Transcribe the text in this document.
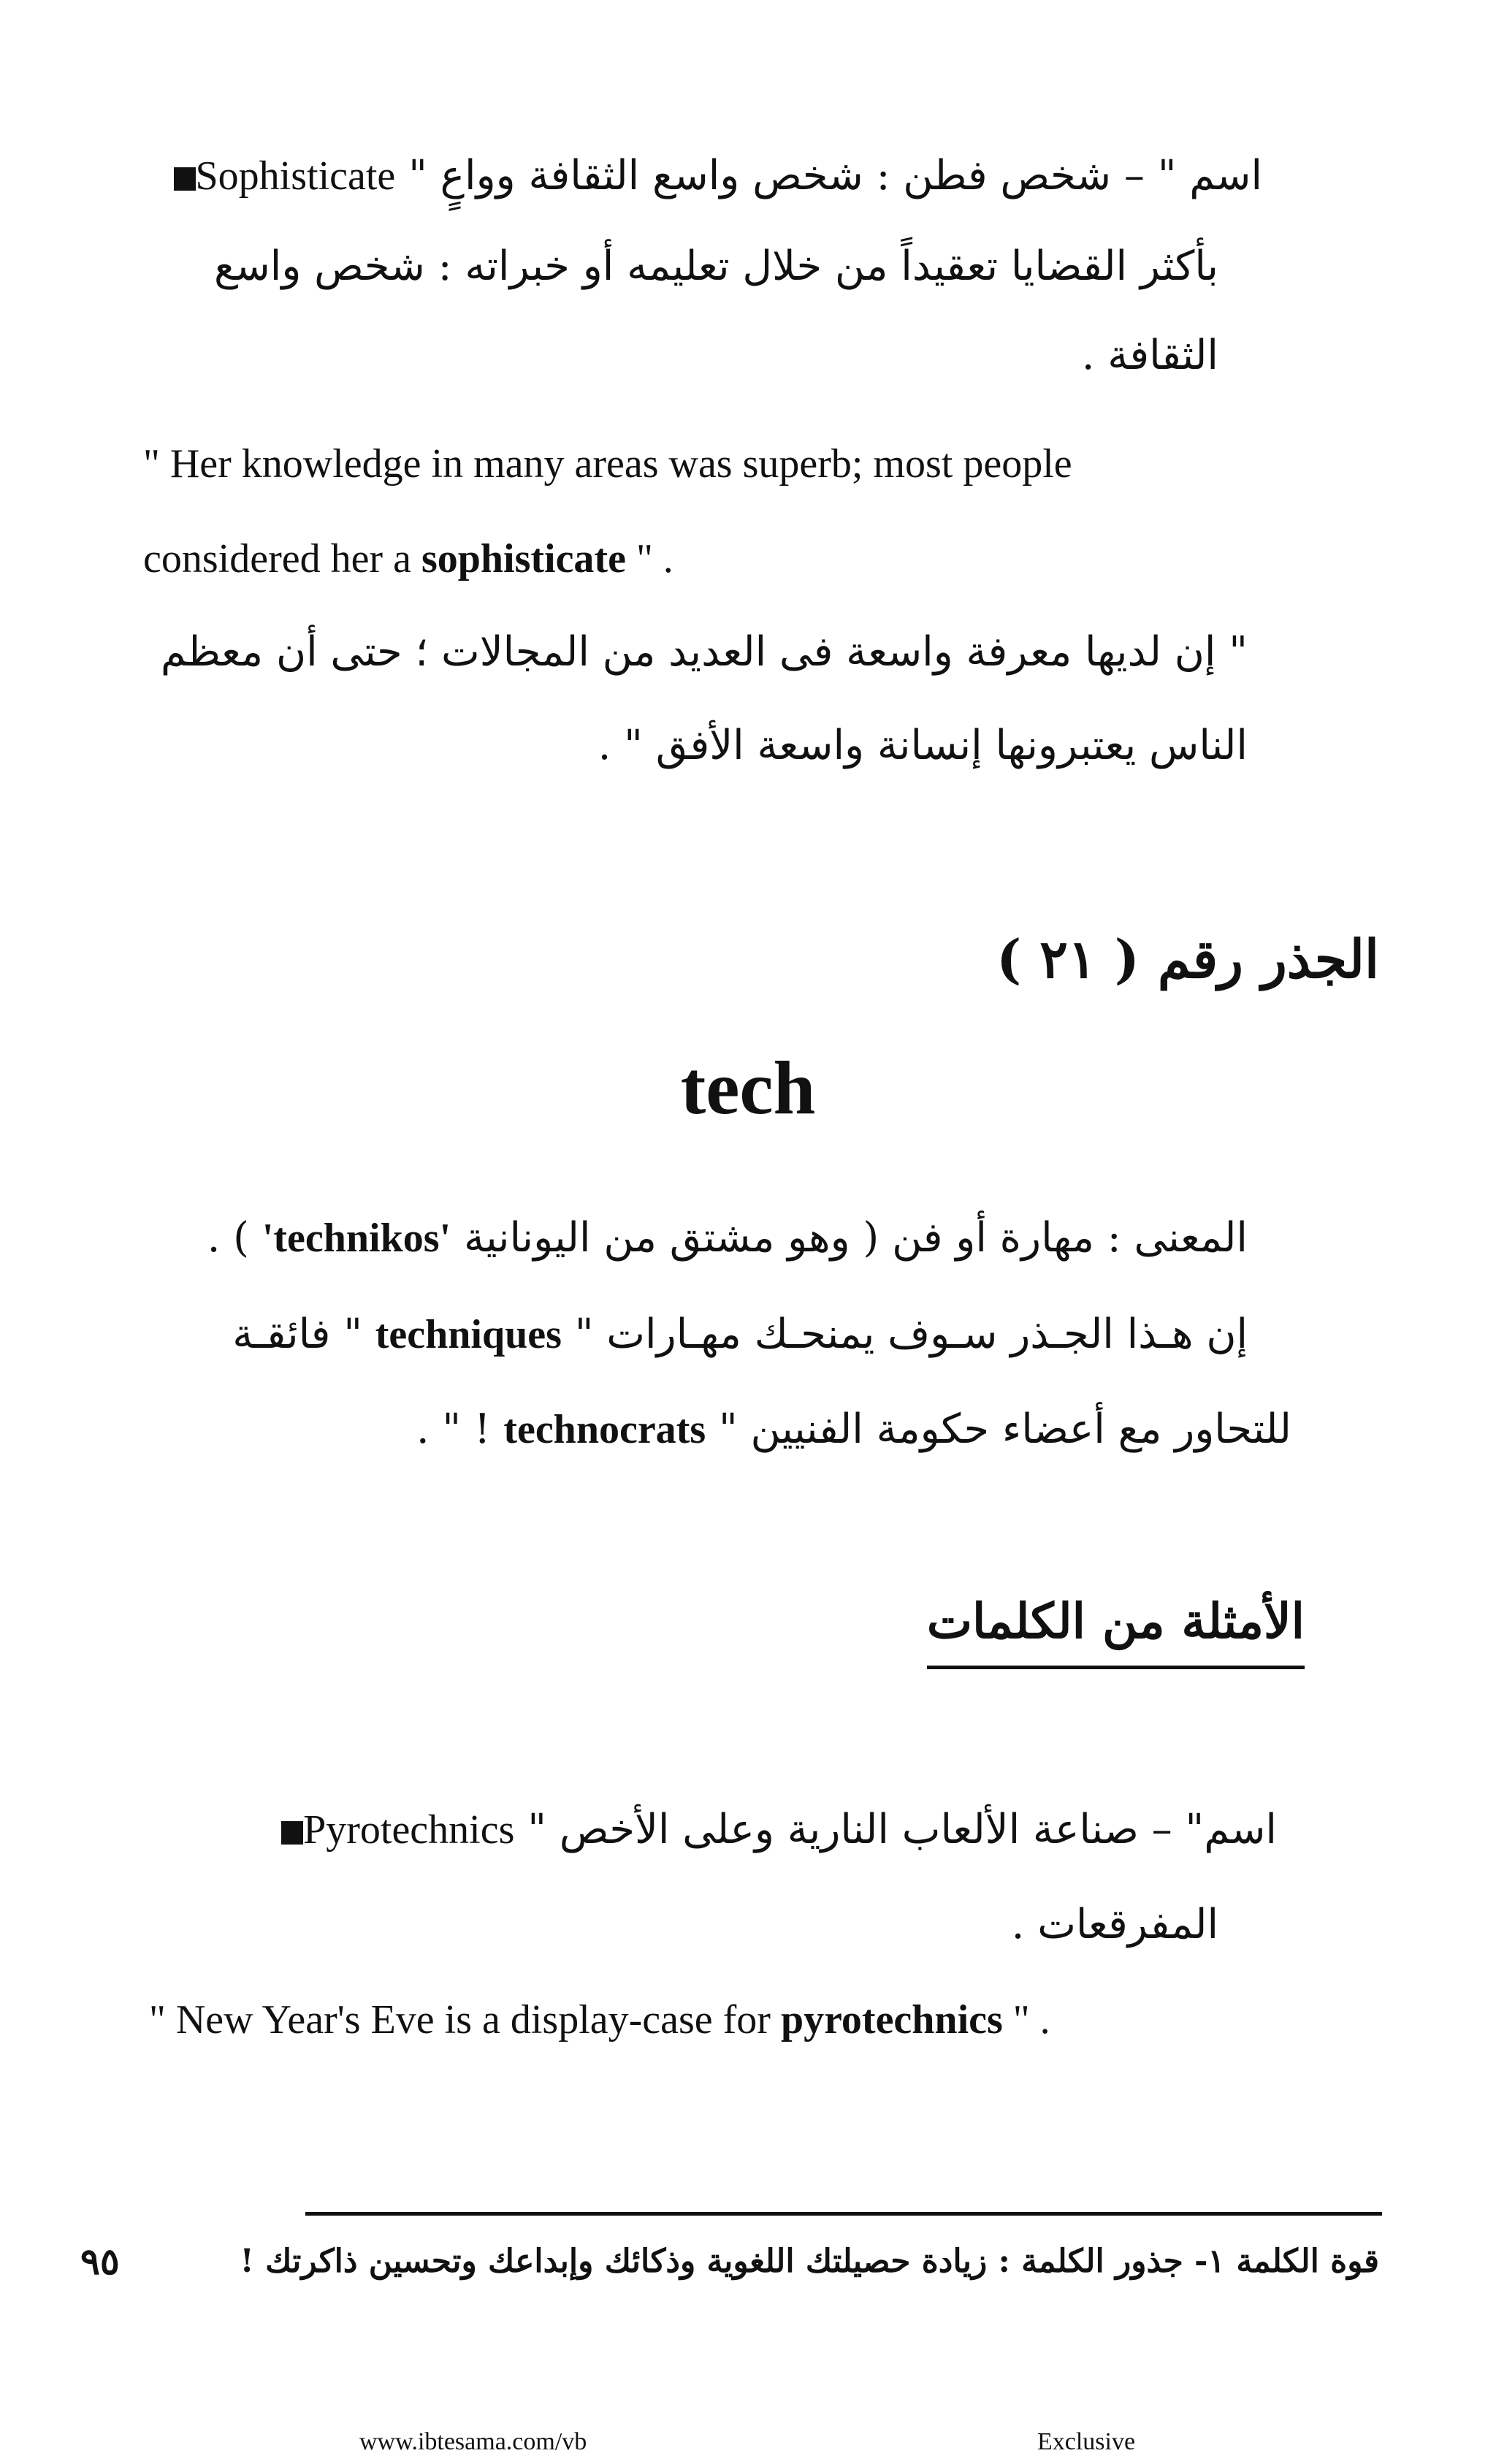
Sophisticate " اسم " – شخص فطن : شخص واسع الثقافة وواعٍ
بأكثر القضايا تعقيداً من خلال تعليمه أو خبراته : شخص واسع
الثقافة .
" Her knowledge in many areas was superb; most people
considered her a sophisticate " .
" إن لديها معرفة واسعة فى العديد من المجالات ؛ حتى أن معظم
الناس يعتبرونها إنسانة واسعة الأفق " .
الجذر رقم ( ٢١ )
tech
المعنى : مهارة أو فن ( وهو مشتق من اليونانية 'technikos' ) .
إن هـذا الجـذر سـوف يمنحـك مهـارات " techniques " فائقـة
للتحاور مع أعضاء حكومة الفنيين " technocrats ! " .
الأمثلة من الكلمات
Pyrotechnics " اسم" – صناعة الألعاب النارية وعلى الأخص
المفرقعات .
" New Year's Eve is a display-case for pyrotechnics " .
قوة الكلمة ١- جذور الكلمة : زيادة حصيلتك اللغوية وذكائك وإبداعك وتحسين ذاكرتك !
٩٥
www.ibtesama.com/vb	Exclusive
